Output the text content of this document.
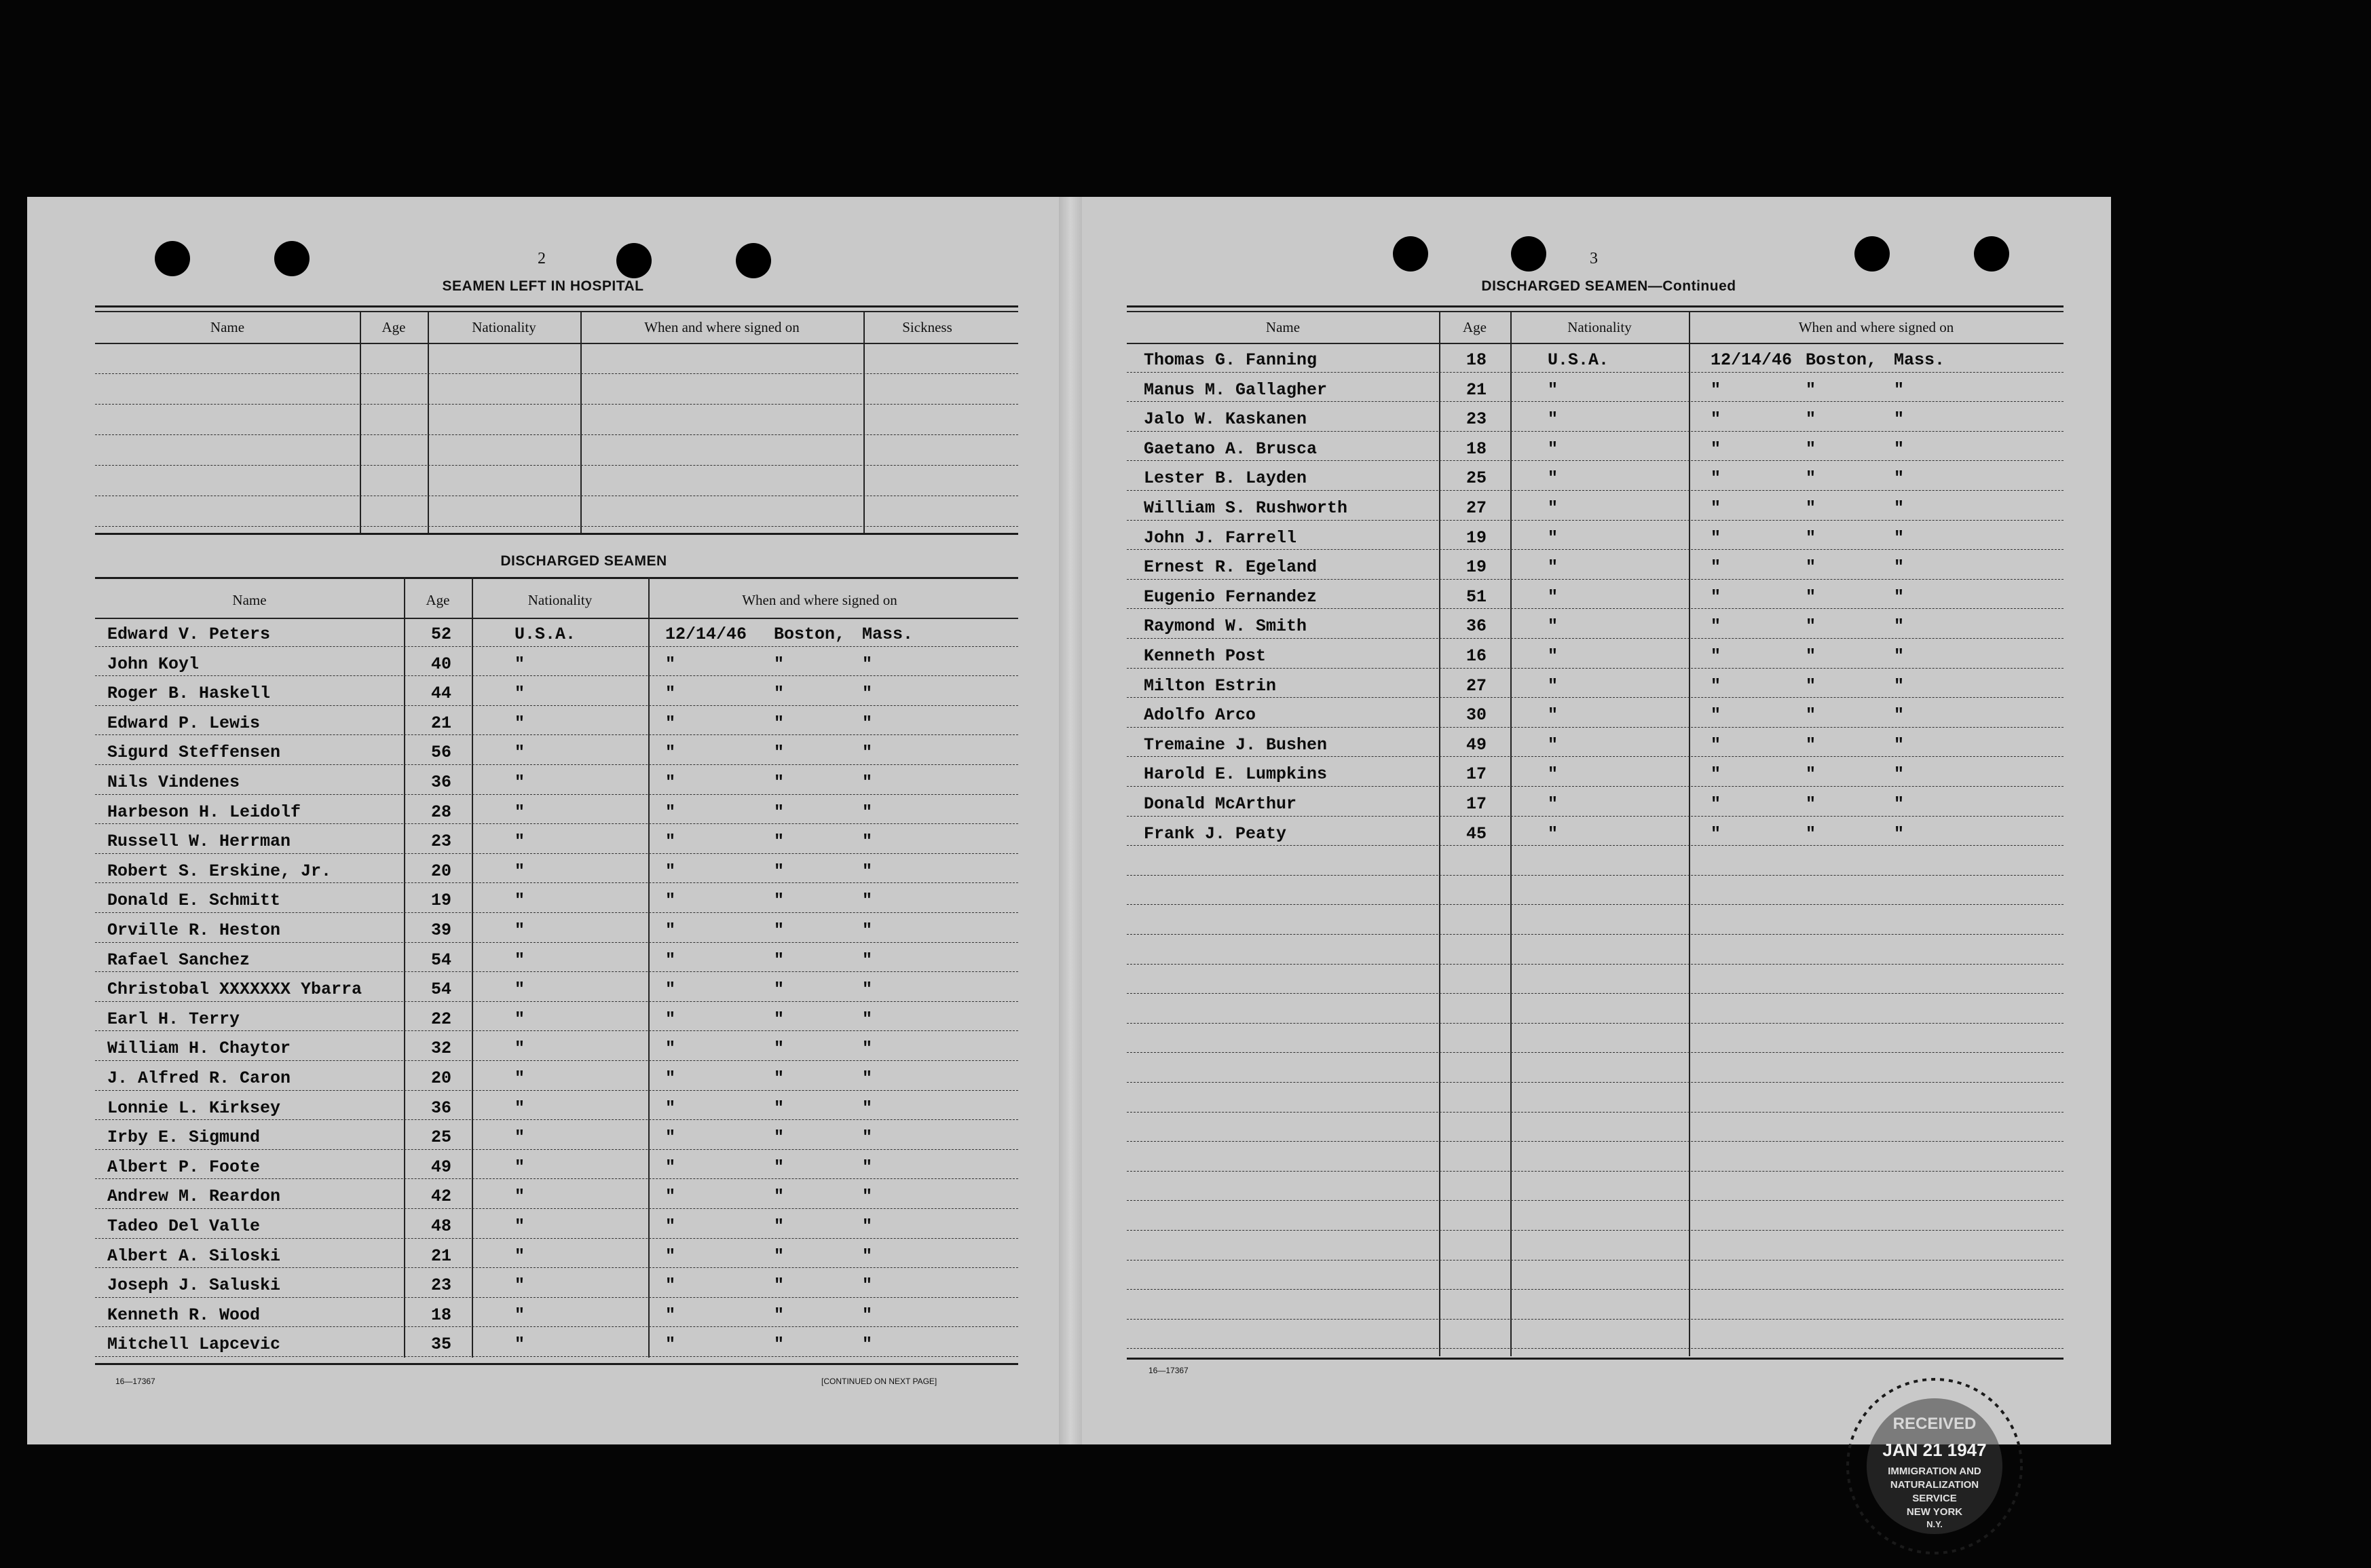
2
SEAMEN LEFT IN HOSPITAL
Name	Age	Nationality	When and where signed on	Sickness
DISCHARGED SEAMEN
Name	Age	Nationality	When and where signed on
Edward V. Peters	52	U.S.A.	12/14/46 Boston, Mass.
John Koyl	40	"	"	"	"
Roger B. Haskell	44	"	"	"	"
Edward P. Lewis	21	"	"	"	"
Sigurd Steffensen	56	"	"	"	"
Nils Vindenes	36	"	"	"	"
Harbeson H. Leidolf	28	"	"	"	"
Russell W. Herrman	23	"	"	"	"
Robert S. Erskine, Jr.	20	"	"	"	"
Donald E. Schmitt	19	"	"	"	"
Orville R. Heston	39	"	"	"	"
Rafael Sanchez	54	"	"	"	"
Christobal XXXXXXX Ybarra	54	"	"	"	"
Earl H. Terry	22	"	"	"	"
William H. Chaytor	32	"	"	"	"
J. Alfred R. Caron	20	"	"	"	"
Lonnie L. Kirksey	36	"	"	"	"
Irby E. Sigmund	25	"	"	"	"
Albert P. Foote	49	"	"	"	"
Andrew M. Reardon	42	"	"	"	"
Tadeo Del Valle	48	"	"	"	"
Albert A. Siloski	21	"	"	"	"
Joseph J. Saluski	23	"	"	"	"
Kenneth R. Wood	18	"	"	"	"
Mitchell Lapcevic	35	"	"	"	"
16—17367	[CONTINUED ON NEXT PAGE]
3
DISCHARGED SEAMEN—Continued
Name	Age	Nationality	When and where signed on
Thomas G. Fanning	18	U.S.A.	12/14/46 Boston, Mass.
Manus M. Gallagher	21	"	"	"	"
Jalo W. Kaskanen	23	"	"	"	"
Gaetano A. Brusca	18	"	"	"	"
Lester B. Layden	25	"	"	"	"
William S. Rushworth	27	"	"	"	"
John J. Farrell	19	"	"	"	"
Ernest R. Egeland	19	"	"	"	"
Eugenio Fernandez	51	"	"	"	"
Raymond W. Smith	36	"	"	"	"
Kenneth Post	16	"	"	"	"
Milton Estrin	27	"	"	"	"
Adolfo Arco	30	"	"	"	"
Tremaine J. Bushen	49	"	"	"	"
Harold E. Lumpkins	17	"	"	"	"
Donald McArthur	17	"	"	"	"
Frank J. Peaty	45	"	"	"	"
16—17367
RECEIVED
JAN 21 1947
IMMIGRATION AND
NATURALIZATION
SERVICE
NEW YORK
N.Y.
